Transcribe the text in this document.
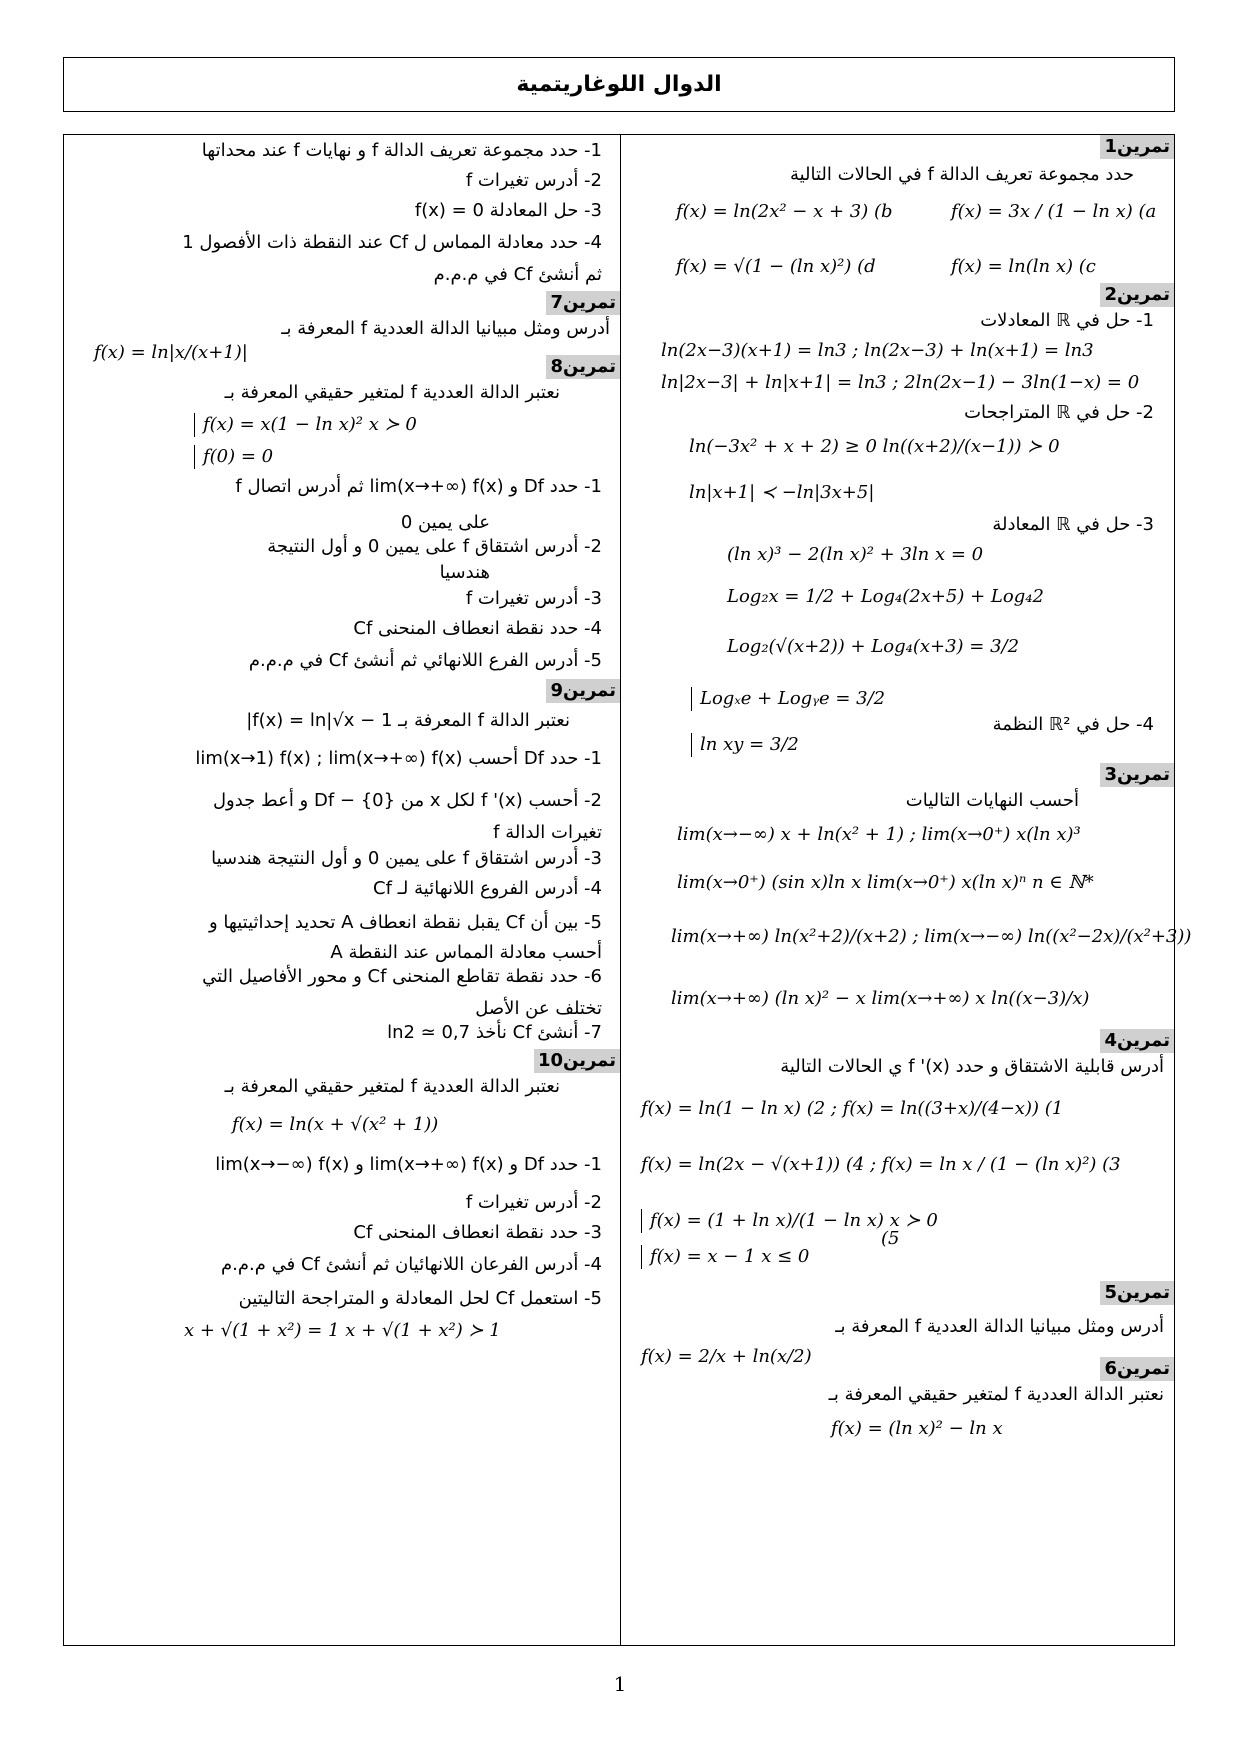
الدوال اللوغاريتمية
تمرين1
حدد مجموعة تعريف الدالة f في الحالات التالية
f(x) = ln(2x² − x + 3) (b	f(x) = 3x / (1 − ln x) (a
f(x) = √(1 − (ln x)²) (d	f(x) = ln(ln x) (c
تمرين2
1- حل في ℝ المعادلات
ln(2x−3)(x+1) = ln3 ; ln(2x−3) + ln(x+1) = ln3
ln|2x−3| + ln|x+1| = ln3 ; 2ln(2x−1) − 3ln(1−x) = 0
2- حل في ℝ المتراجحات
ln(−3x² + x + 2) ≥ 0 ln((x+2)/(x−1)) ≻ 0
ln|x+1| ≺ −ln|3x+5|
3- حل في ℝ المعادلة
(ln x)³ − 2(ln x)² + 3ln x = 0
Log₂x = 1/2 + Log₄(2x+5) + Log₄2
Log₂(√(x+2)) + Log₄(x+3) = 3/2
Logₓe + Logᵧe = 3/2
ln xy = 3/2
4- حل في ℝ² النظمة
تمرين3
أحسب النهايات التاليات
lim(x→−∞) x + ln(x² + 1) ; lim(x→0⁺) x(ln x)³
lim(x→0⁺) (sin x)ln x lim(x→0⁺) x(ln x)ⁿ n ∈ ℕ*
lim(x→+∞) ln(x²+2)/(x+2) ; lim(x→−∞) ln((x²−2x)/(x²+3))
lim(x→+∞) (ln x)² − x lim(x→+∞) x ln((x−3)/x)
تمرين4
أدرس قابلية الاشتقاق و حدد f '(x) ي الحالات التالية
f(x) = ln(1 − ln x) (2 ; f(x) = ln((3+x)/(4−x)) (1
f(x) = ln(2x − √(x+1)) (4 ; f(x) = ln x / (1 − (ln x)²) (3
f(x) = (1 + ln x)/(1 − ln x) x ≻ 0
f(x) = x − 1 x ≤ 0
(5
تمرين5
أدرس ومثل مبيانيا الدالة العددية f المعرفة بـ
f(x) = 2/x + ln(x/2)
تمرين6
نعتبر الدالة العددية f لمتغير حقيقي المعرفة بـ
f(x) = (ln x)² − ln x
1- حدد مجموعة تعريف الدالة f و نهايات f عند محداتها
2- أدرس تغيرات f
3- حل المعادلة f(x) = 0
4- حدد معادلة المماس ل Cf عند النقطة ذات الأفصول 1
ثم أنشئ Cf في م.م.م
تمرين7
أدرس ومثل مبيانيا الدالة العددية f المعرفة بـ
f(x) = ln|x/(x+1)|
تمرين8
نعتبر الدالة العددية f لمتغير حقيقي المعرفة بـ
f(x) = x(1 − ln x)² x ≻ 0
f(0) = 0
1- حدد Df و lim(x→+∞) f(x) ثم أدرس اتصال f
على يمين 0
2- أدرس اشتقاق f على يمين 0 و أول النتيجة
هندسيا
3- أدرس تغيرات f
4- حدد نقطة انعطاف المنحنى Cf
5- أدرس الفرع اللانهائي ثم أنشئ Cf في م.م.م
تمرين9
نعتبر الدالة f المعرفة بـ f(x) = ln|√x − 1|
1- حدد Df أحسب lim(x→1) f(x) ; lim(x→+∞) f(x)
2- أحسب f '(x) لكل x من Df − {0} و أعط جدول
تغيرات الدالة f
3- أدرس اشتقاق f على يمين 0 و أول النتيجة هندسيا
4- أدرس الفروع اللانهائية لـ Cf
5- بين أن Cf يقبل نقطة انعطاف A تحديد إحداثيتيها و
أحسب معادلة المماس عند النقطة A
6- حدد نقطة تقاطع المنحنى Cf و محور الأفاصيل التي
تختلف عن الأصل
7- أنشئ Cf نأخذ ln2 ≃ 0,7
تمرين10
نعتبر الدالة العددية f لمتغير حقيقي المعرفة بـ
f(x) = ln(x + √(x² + 1))
1- حدد Df و lim(x→+∞) f(x) و lim(x→−∞) f(x)
2- أدرس تغيرات f
3- حدد نقطة انعطاف المنحنى Cf
4- أدرس الفرعان اللانهائيان ثم أنشئ Cf في م.م.م
5- استعمل Cf لحل المعادلة و المتراجحة التاليتين
x + √(1 + x²) = 1 x + √(1 + x²) ≻ 1
1
